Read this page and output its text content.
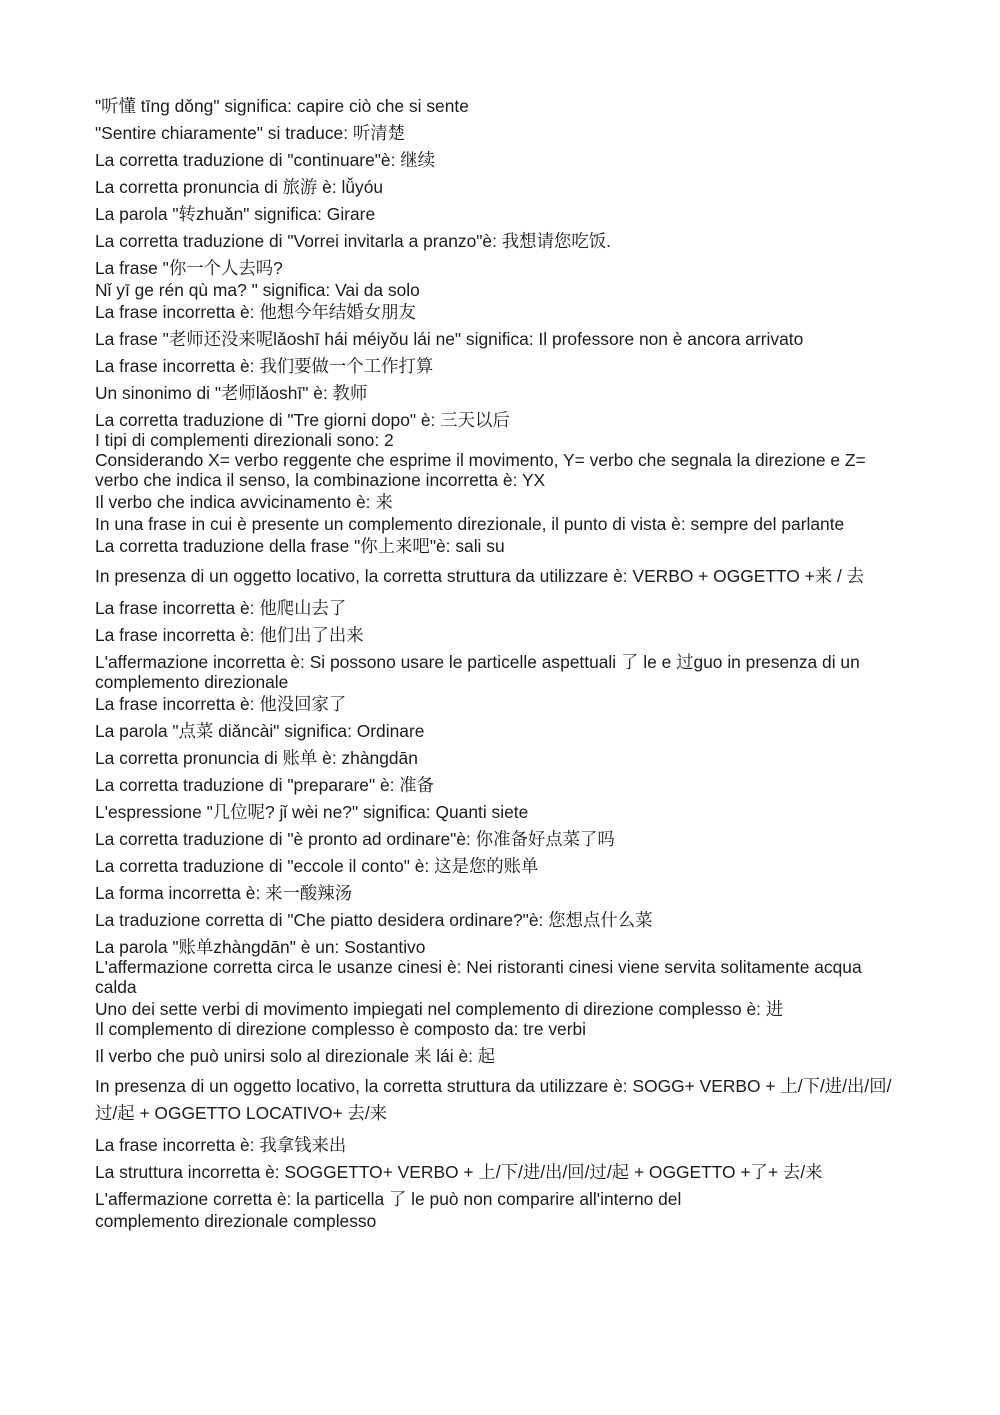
"听懂 tīng dǒng" significa: capire ciò che si sente
"Sentire chiaramente" si traduce: 听清楚
La corretta traduzione di "continuare"è: 继续
La corretta pronuncia di 旅游 è: lǚyóu
La parola "转zhuǎn" significa: Girare
La corretta traduzione di "Vorrei invitarla a pranzo"è: 我想请您吃饭.
La frase "你一个人去吗?
Nǐ yī ge rén qù ma? " significa: Vai da solo
La frase incorretta è: 他想今年结婚女朋友
La frase "老师还没来呢lǎoshī hái méiyǒu lái ne" significa: Il professore non è ancora arrivato
La frase incorretta è: 我们要做一个工作打算
Un sinonimo di "老师lǎoshī" è: 教师
La corretta traduzione di "Tre giorni dopo" è: 三天以后
I tipi di complementi direzionali sono: 2
Considerando X= verbo reggente che esprime il movimento, Y= verbo che segnala la direzione e Z= verbo che indica il senso, la combinazione incorretta è: YX
Il verbo che indica avvicinamento è: 来
In una frase in cui è presente un complemento direzionale, il punto di vista è: sempre del parlante
La corretta traduzione della frase "你上来吧"è: sali su
In presenza di un oggetto locativo, la corretta struttura da utilizzare è: VERBO + OGGETTO +来 / 去
La frase incorretta è: 他爬山去了
La frase incorretta è: 他们出了出来
L'affermazione incorretta è: Si possono usare le particelle aspettuali 了 le e 过guo in presenza di un complemento direzionale
La frase incorretta è: 他没回家了
La parola "点菜 diǎncài" significa: Ordinare
La corretta pronuncia di 账单 è: zhàngdān
La corretta traduzione di "preparare" è: 准备
L'espressione "几位呢? jǐ wèi ne?" significa: Quanti siete
La corretta traduzione di "è pronto ad ordinare"è: 你准备好点菜了吗
La corretta traduzione di "eccole il conto" è: 这是您的账单
La forma incorretta è: 来一酸辣汤
La traduzione corretta di "Che piatto desidera ordinare?"è: 您想点什么菜
La parola "账单zhàngdān" è un: Sostantivo
L'affermazione corretta circa le usanze cinesi è: Nei ristoranti cinesi viene servita solitamente acqua calda
Uno dei sette verbi di movimento impiegati nel complemento di direzione complesso è: 进
Il complemento di direzione complesso è composto da: tre verbi
Il verbo che può unirsi solo al direzionale 来 lái è: 起
In presenza di un oggetto locativo, la corretta struttura da utilizzare è: SOGG+ VERBO + 上/下/进/出/回/过/起 + OGGETTO LOCATIVO+ 去/来
La frase incorretta è: 我拿钱来出
La struttura incorretta è: SOGGETTO+ VERBO + 上/下/进/出/回/过/起 + OGGETTO +了+ 去/来
L'affermazione corretta è: la particella 了 le può non comparire all'interno del
complemento direzionale complesso
